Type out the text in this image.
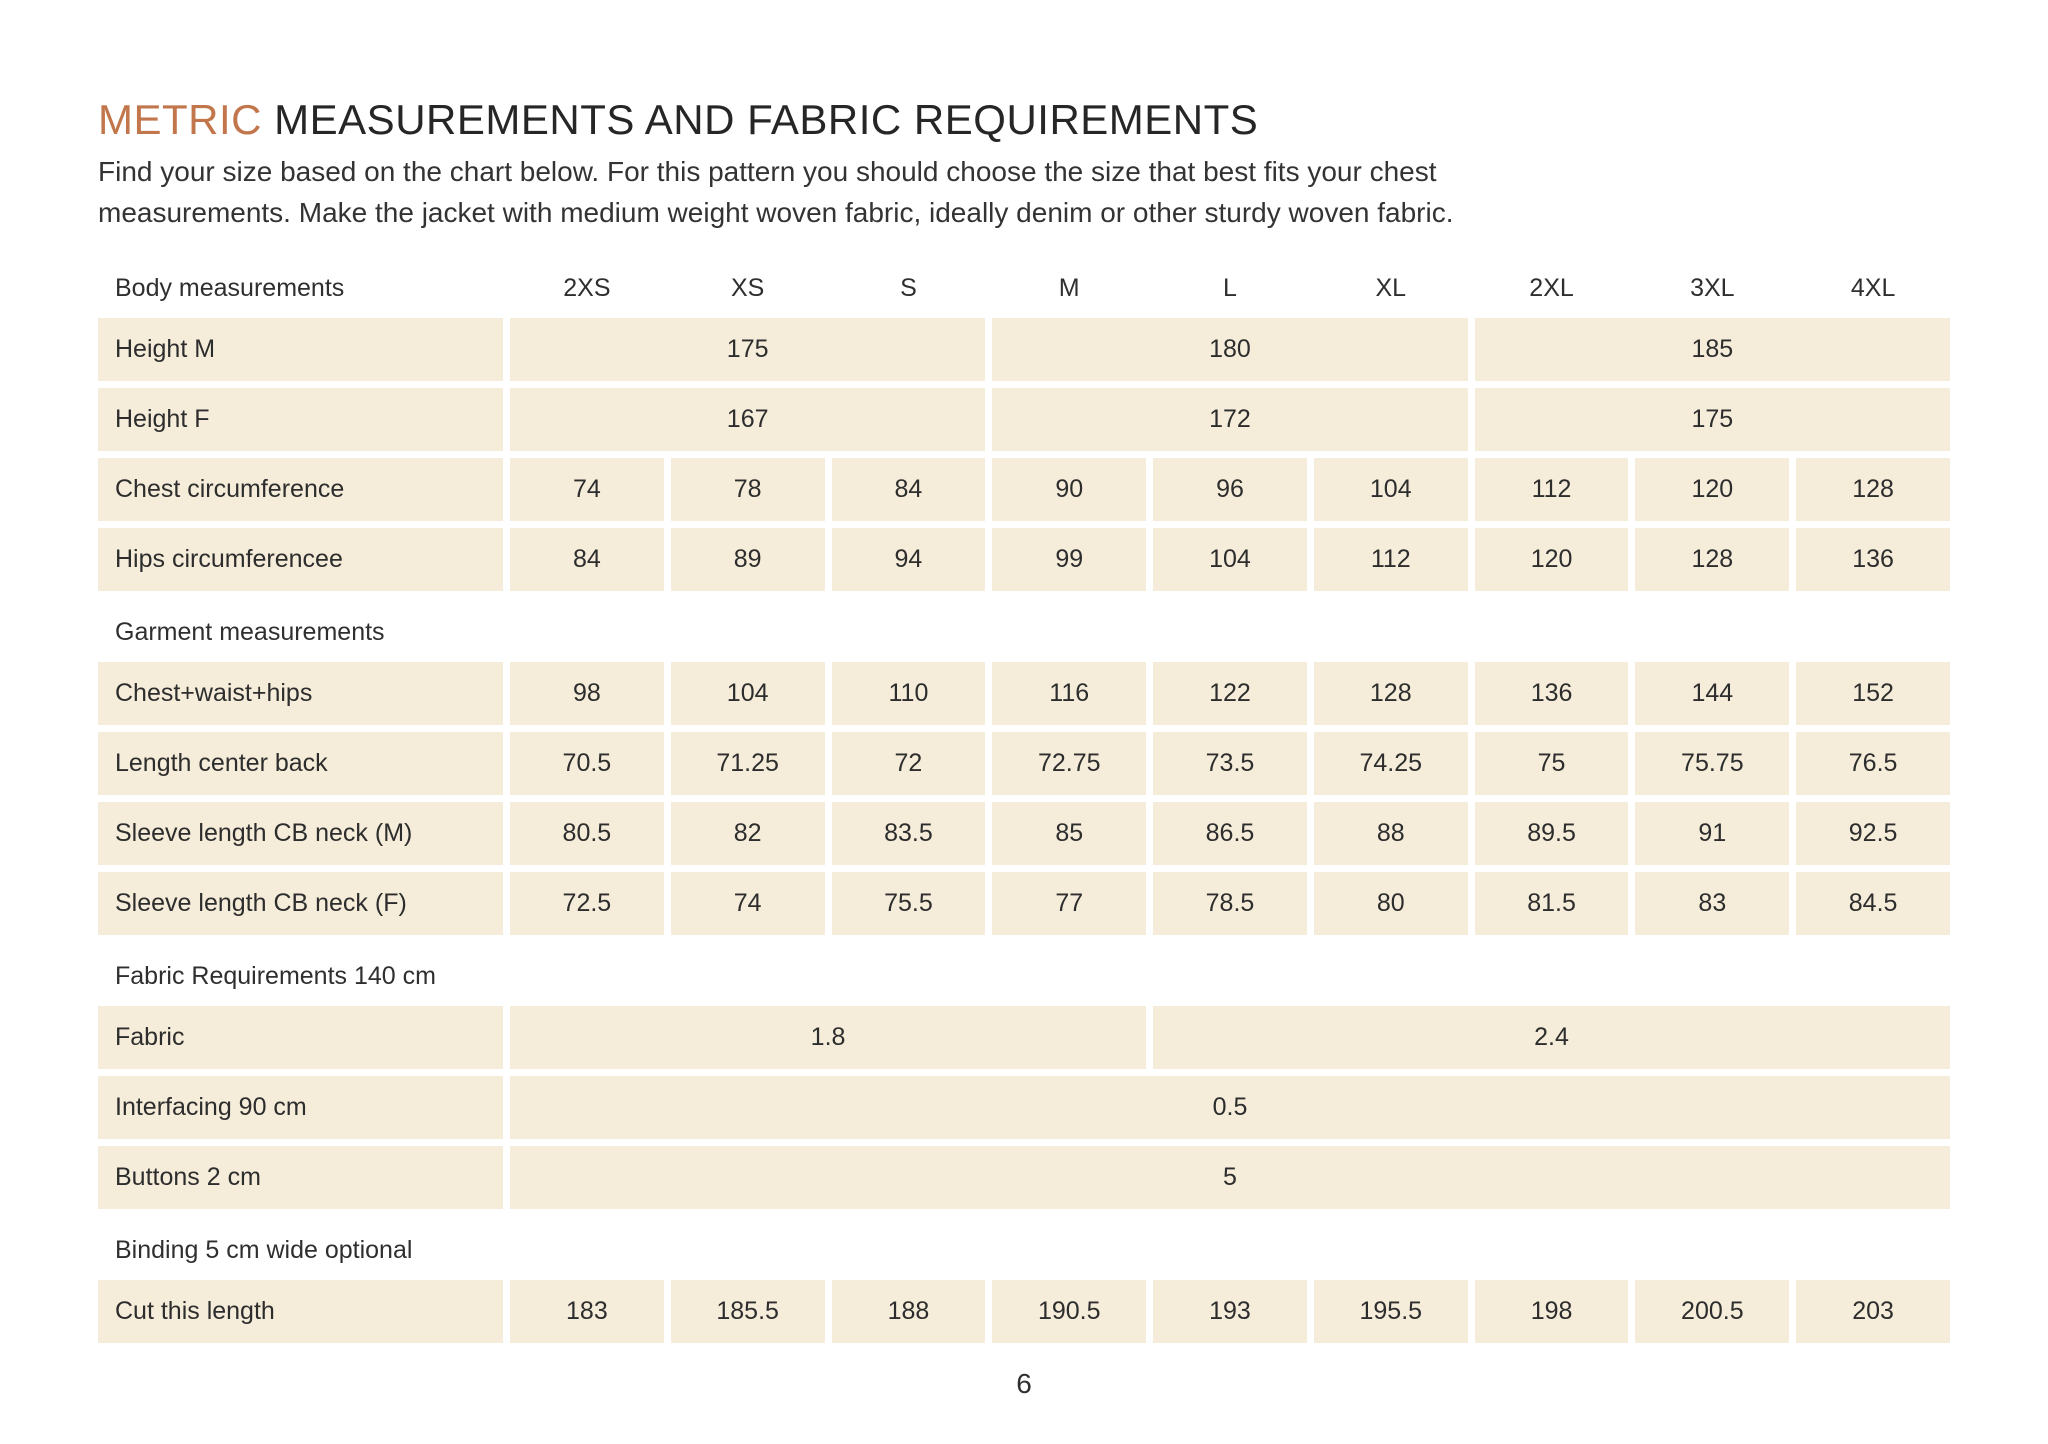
METRIC MEASUREMENTS AND FABRIC REQUIREMENTS

Find your size based on the chart below. For this pattern you should choose the size that best fits your chest
measurements. Make the jacket with medium weight woven fabric, ideally denim or other sturdy woven fabric.

Body measurements	2XS	XS	S	M	L	XL	2XL	3XL	4XL
Height M	175	180	185
Height F	167	172	175
Chest circumference	74	78	84	90	96	104	112	120	128
Hips circumferencee	84	89	94	99	104	112	120	128	136
Garment measurements
Chest+waist+hips	98	104	110	116	122	128	136	144	152
Length center back	70.5	71.25	72	72.75	73.5	74.25	75	75.75	76.5
Sleeve length CB neck (M)	80.5	82	83.5	85	86.5	88	89.5	91	92.5
Sleeve length CB neck (F)	72.5	74	75.5	77	78.5	80	81.5	83	84.5
Fabric Requirements 140 cm
Fabric	1.8	2.4
Interfacing 90 cm	0.5
Buttons 2 cm	5
Binding 5 cm wide optional
Cut this length	183	185.5	188	190.5	193	195.5	198	200.5	203
6
